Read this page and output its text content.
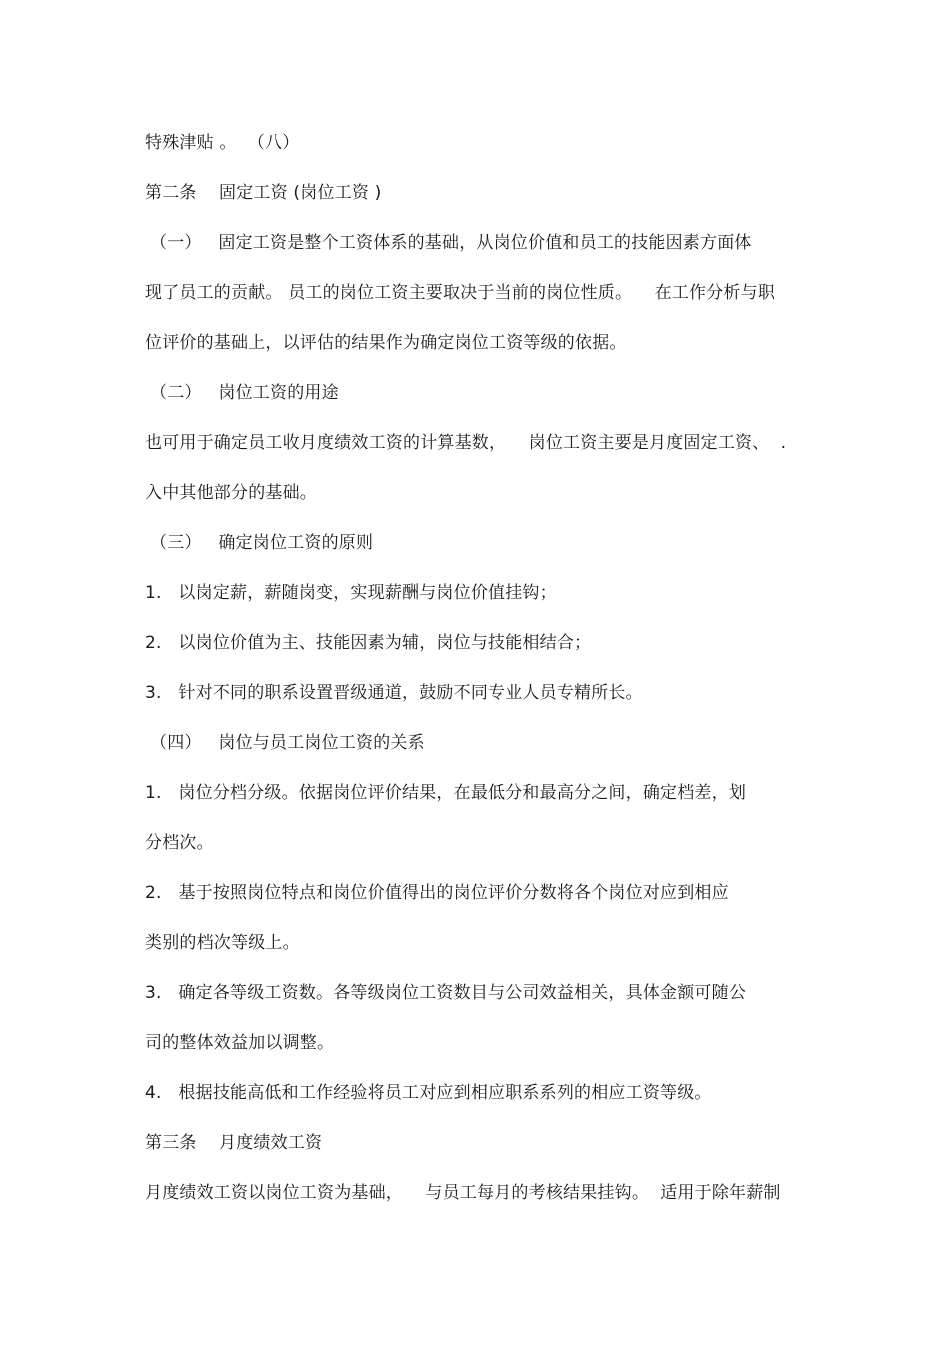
特殊津贴 。  （八）
第二条    固定工资 (岗位工资 )
（一）   固定工资是整个工资体系的基础，从岗位价值和员工的技能因素方面体
现了员工的贡献。 员工的岗位工资主要取决于当前的岗位性质。    在工作分析与职
位评价的基础上，以评估的结果作为确定岗位工资等级的依据。
（二）   岗位工资的用途
也可用于确定员工收月度绩效工资的计算基数，    岗位工资主要是月度固定工资、  .
入中其他部分的基础。
（三）   确定岗位工资的原则
1.   以岗定薪，薪随岗变，实现薪酬与岗位价值挂钩；
2.   以岗位价值为主、技能因素为辅，岗位与技能相结合；
3.   针对不同的职系设置晋级通道，鼓励不同专业人员专精所长。
（四）   岗位与员工岗位工资的关系
1.   岗位分档分级。依据岗位评价结果，在最低分和最高分之间，确定档差，划
分档次。
2.   基于按照岗位特点和岗位价值得出的岗位评价分数将各个岗位对应到相应
类别的档次等级上。
3.   确定各等级工资数。各等级岗位工资数目与公司效益相关，具体金额可随公
司的整体效益加以调整。
4.   根据技能高低和工作经验将员工对应到相应职系系列的相应工资等级。
第三条    月度绩效工资
月度绩效工资以岗位工资为基础，    与员工每月的考核结果挂钩。  适用于除年薪制
